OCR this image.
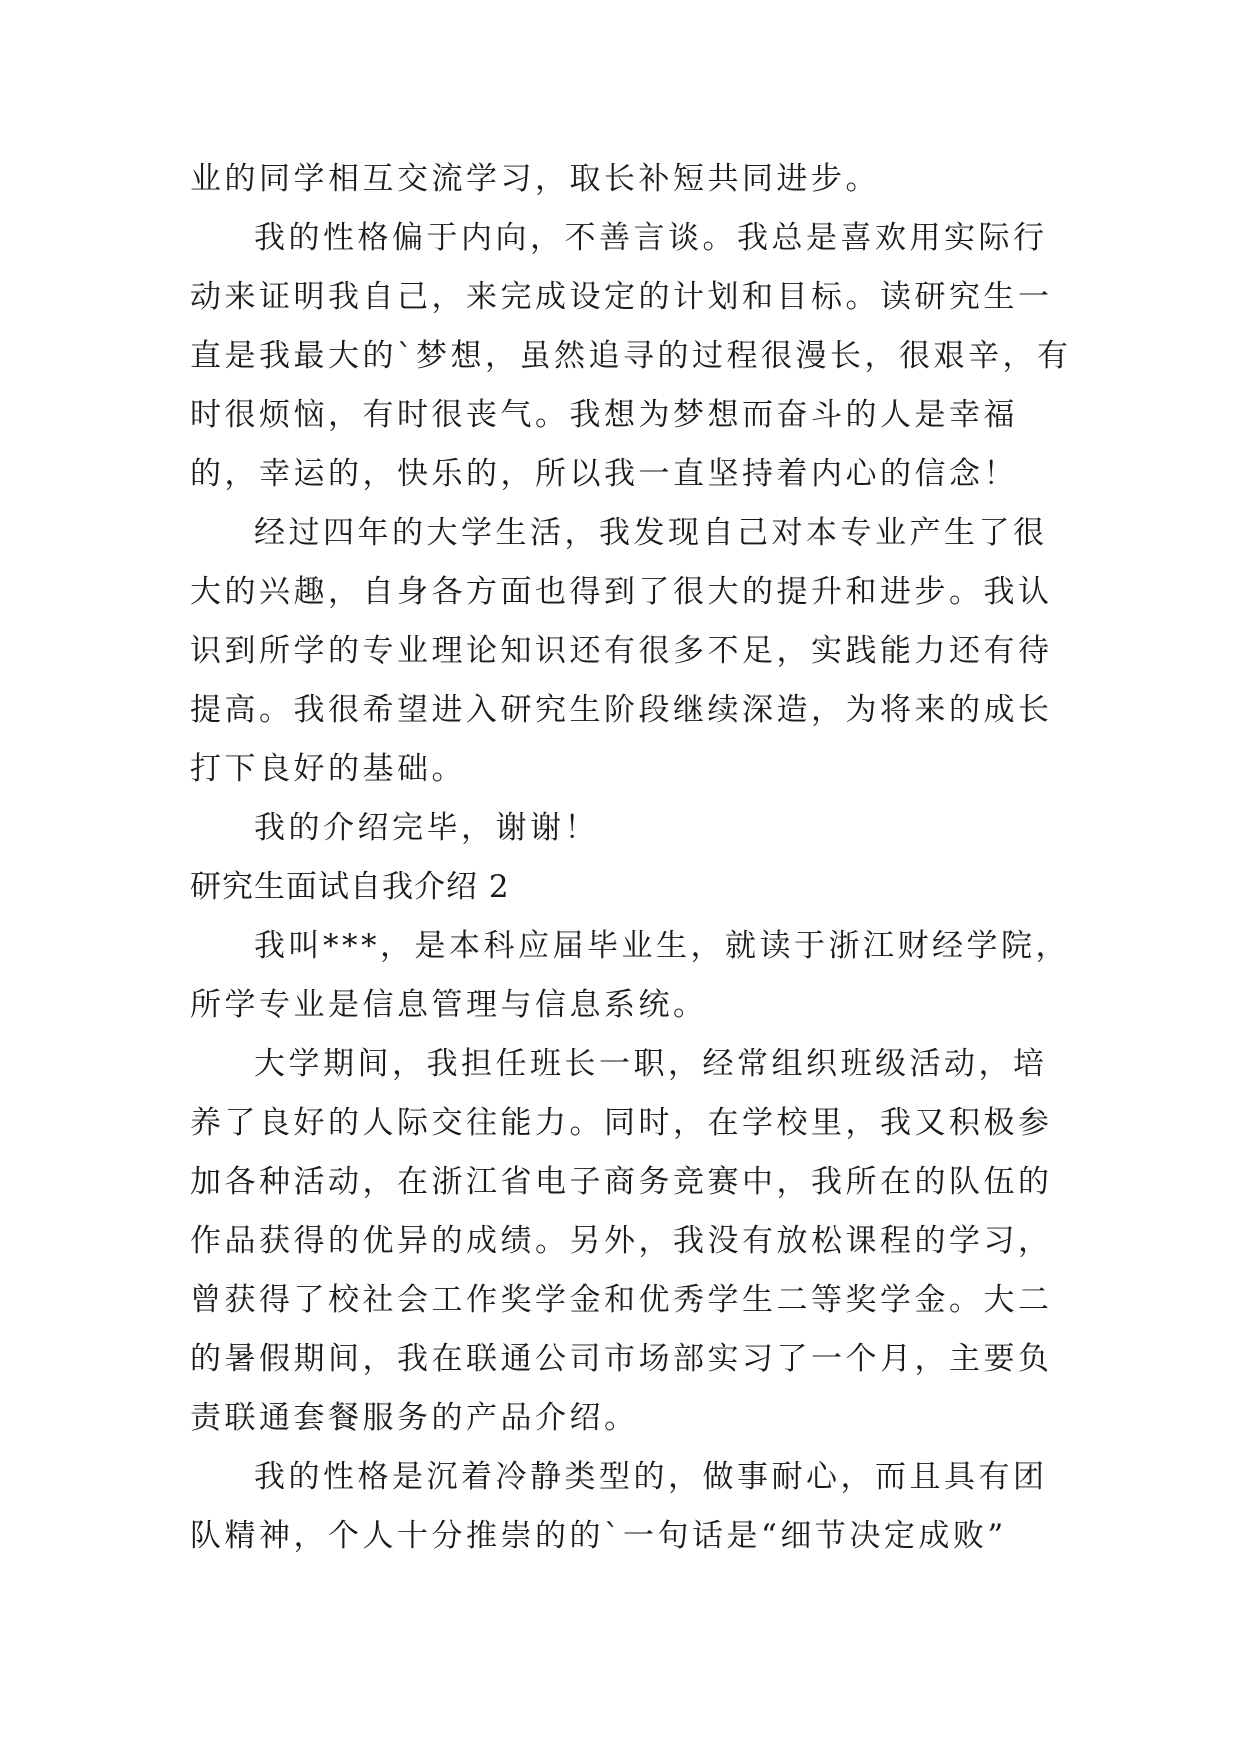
业的同学相互交流学习，取长补短共同进步。

我的性格偏于内向，不善言谈。我总是喜欢用实际行动来证明我自己，来完成设定的计划和目标。读研究生一直是我最大的`梦想，虽然追寻的过程很漫长，很艰辛，有时很烦恼，有时很丧气。我想为梦想而奋斗的人是幸福的，幸运的，快乐的，所以我一直坚持着内心的信念！

经过四年的大学生活，我发现自己对本专业产生了很大的兴趣，自身各方面也得到了很大的提升和进步。我认识到所学的专业理论知识还有很多不足，实践能力还有待提高。我很希望进入研究生阶段继续深造，为将来的成长打下良好的基础。

我的介绍完毕，谢谢！

研究生面试自我介绍 2

我叫***，是本科应届毕业生，就读于浙江财经学院，所学专业是信息管理与信息系统。

大学期间，我担任班长一职，经常组织班级活动，培养了良好的人际交往能力。同时，在学校里，我又积极参加各种活动，在浙江省电子商务竞赛中，我所在的队伍的作品获得的优异的成绩。另外，我没有放松课程的学习，曾获得了校社会工作奖学金和优秀学生二等奖学金。大二的暑假期间，我在联通公司市场部实习了一个月，主要负责联通套餐服务的产品介绍。

我的性格是沉着冷静类型的，做事耐心，而且具有团队精神，个人十分推崇的的`一句话是“细节决定成败”
